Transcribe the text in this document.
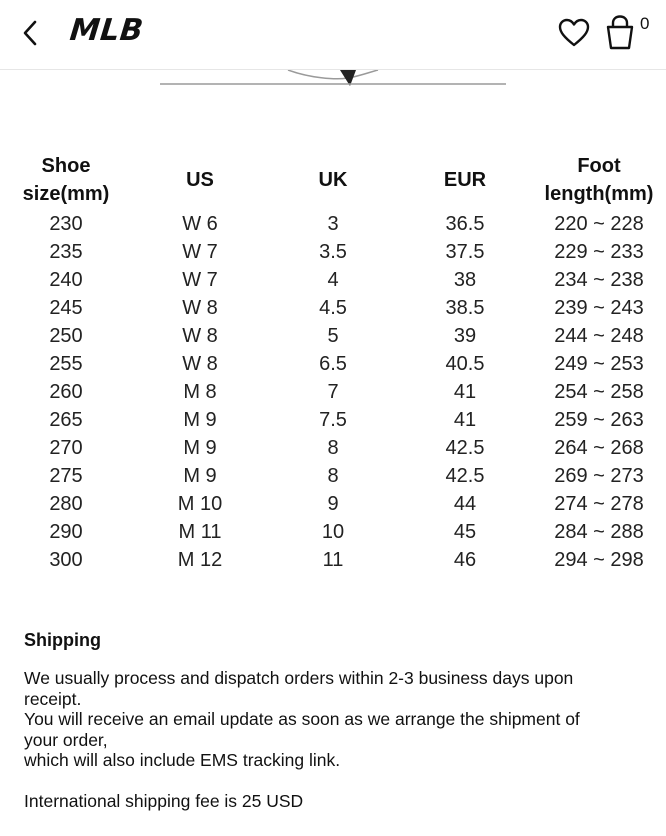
MLB	0
Shoe
size(mm)
US	UK	EUR
Foot
length(mm)
230	W 6	3	36.5	220 ~ 228
235	W 7	3.5	37.5	229 ~ 233
240	W 7	4	38	234 ~ 238
245	W 8	4.5	38.5	239 ~ 243
250	W 8	5	39	244 ~ 248
255	W 8	6.5	40.5	249 ~ 253
260	M 8	7	41	254 ~ 258
265	M 9	7.5	41	259 ~ 263
270	M 9	8	42.5	264 ~ 268
275	M 9	8	42.5	269 ~ 273
280	M 10	9	44	274 ~ 278
290	M 11	10	45	284 ~ 288
300	M 12	11	46	294 ~ 298
Shipping
We usually process and dispatch orders within 2-3 business days upon
receipt.
You will receive an email update as soon as we arrange the shipment of
your order,
which will also include EMS tracking link.
International shipping fee is 25 USD
